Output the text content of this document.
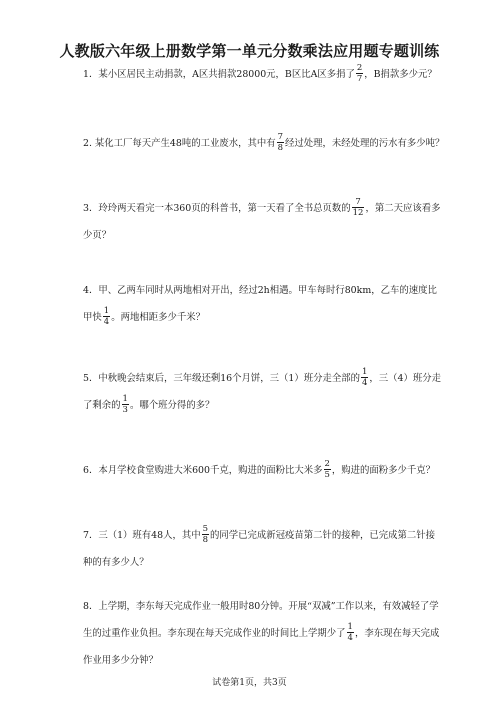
人教版六年级上册数学第一单元分数乘法应用题专题训练
1．某小区居民主动捐款，A区共捐款28000元，B区比A区多捐了 $\frac{2}{7}$ ，B捐款多少元？
2. 某化工厂每天产生48吨的工业废水，其中有 $\frac{7}{8}$ 经过处理，未经处理的污水有多少吨？
3．玲玲两天看完一本360页的科普书，第一天看了全书总页数的 $\frac{7}{12}$ ，第二天应该看多
少页？
4．甲、乙两车同时从两地相对开出，经过2h相遇。甲车每时行80km，乙车的速度比
甲快 $\frac{1}{4}$ 。两地相距多少千米？
5．中秋晚会结束后，三年级还剩16个月饼，三（1）班分走全部的 $\frac{1}{4}$ ，三（4）班分走
了剩余的 $\frac{1}{3}$ 。哪个班分得的多？
6．本月学校食堂购进大米600千克，购进的面粉比大米多 $\frac{2}{5}$ ，购进的面粉多少千克？
7．三（1）班有48人，其中 $\frac{5}{8}$ 的同学已完成新冠疫苗第二针的接种，已完成第二针接
种的有多少人？
8．上学期，李东每天完成作业一般用时80分钟。开展“双减”工作以来，有效减轻了学
生的过重作业负担。李东现在每天完成作业的时间比上学期少了 $\frac{1}{4}$ ，李东现在每天完成
作业用多少分钟？
试卷第1页，共3页
